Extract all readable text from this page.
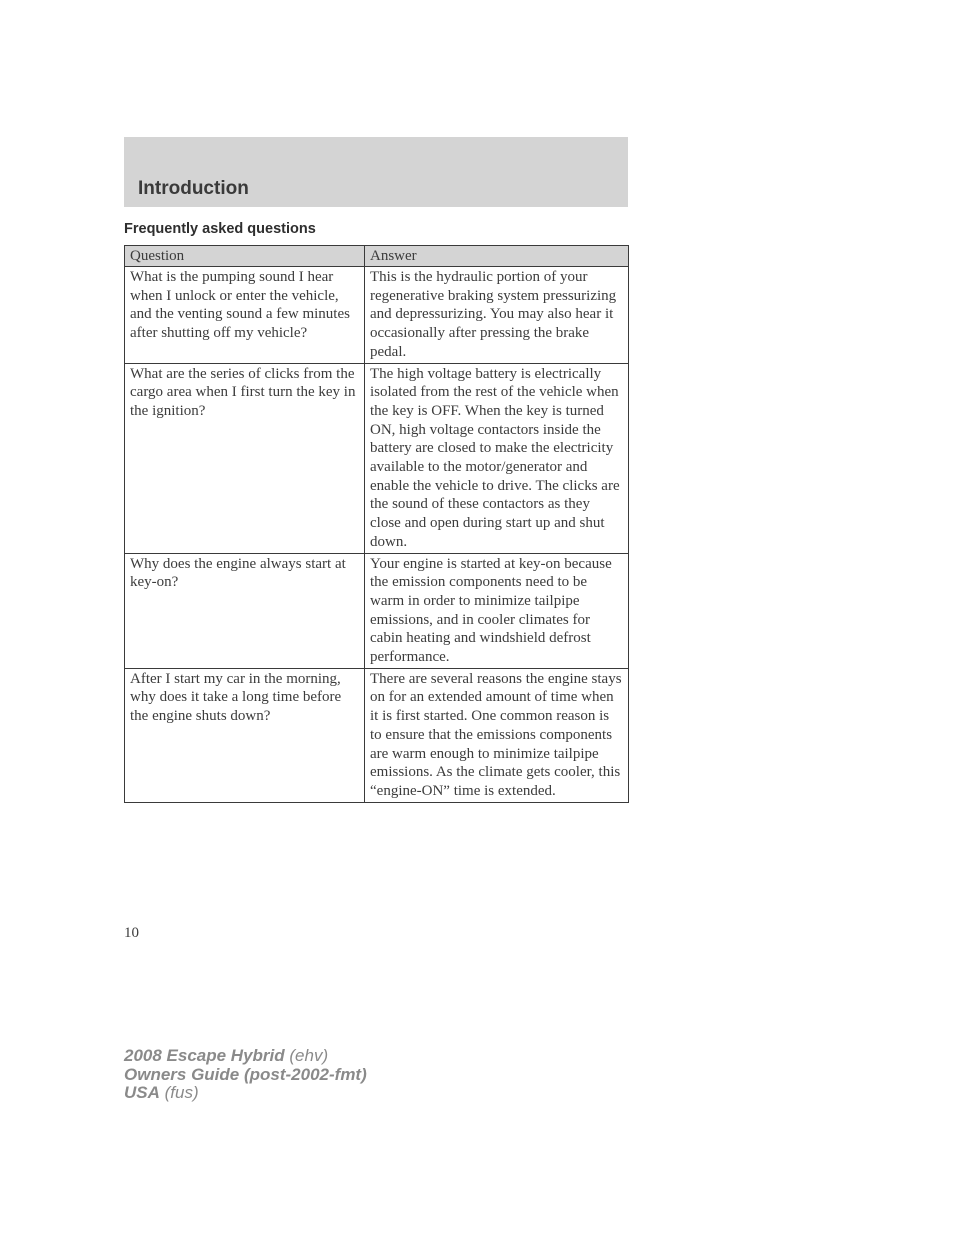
Introduction
Frequently asked questions
Question	Answer
What is the pumping sound I hear when I unlock or enter the vehicle, and the venting sound a few minutes after shutting off my vehicle?	This is the hydraulic portion of your regenerative braking system pressurizing and depressurizing. You may also hear it occasionally after pressing the brake pedal.
What are the series of clicks from the cargo area when I first turn the key in the ignition?	The high voltage battery is electrically isolated from the rest of the vehicle when the key is OFF. When the key is turned ON, high voltage contactors inside the battery are closed to make the electricity available to the motor/generator and enable the vehicle to drive. The clicks are the sound of these contactors as they close and open during start up and shut down.
Why does the engine always start at key-on?	Your engine is started at key-on because the emission components need to be warm in order to minimize tailpipe emissions, and in cooler climates for cabin heating and windshield defrost performance.
After I start my car in the morning, why does it take a long time before the engine shuts down?	There are several reasons the engine stays on for an extended amount of time when it is first started. One common reason is to ensure that the emissions components are warm enough to minimize tailpipe emissions. As the climate gets cooler, this “engine-ON” time is extended.

10

2008 Escape Hybrid (ehv)
Owners Guide (post-2002-fmt)
USA (fus)
